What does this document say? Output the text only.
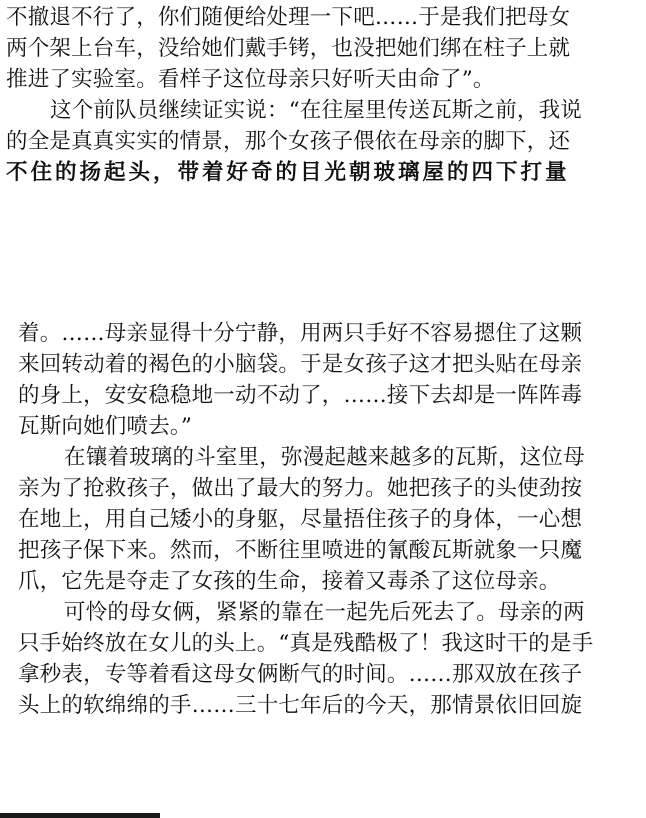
不撤退不行了，你们随便给处理一下吧……于是我们把母女
两个架上台车，没给她们戴手铐，也没把她们绑在柱子上就
推进了实验室。看样子这位母亲只好听天由命了”。
这个前队员继续证实说：“在往屋里传送瓦斯之前，我说
的全是真真实实的情景，那个女孩子偎依在母亲的脚下，还
不住的扬起头，带着好奇的目光朝玻璃屋的四下打量
着。……母亲显得十分宁静，用两只手好不容易摁住了这颗
来回转动着的褐色的小脑袋。于是女孩子这才把头贴在母亲
的身上，安安稳稳地一动不动了，……接下去却是一阵阵毒
瓦斯向她们喷去。”
在镶着玻璃的斗室里，弥漫起越来越多的瓦斯，这位母
亲为了抢救孩子，做出了最大的努力。她把孩子的头使劲按
在地上，用自己矮小的身躯，尽量捂住孩子的身体，一心想
把孩子保下来。然而，不断往里喷进的氰酸瓦斯就象一只魔
爪，它先是夺走了女孩的生命，接着又毒杀了这位母亲。
可怜的母女俩，紧紧的靠在一起先后死去了。母亲的两
只手始终放在女儿的头上。“真是残酷极了！我这时干的是手
拿秒表，专等着看这母女俩断气的时间。……那双放在孩子
头上的软绵绵的手……三十七年后的今天，那情景依旧回旋
